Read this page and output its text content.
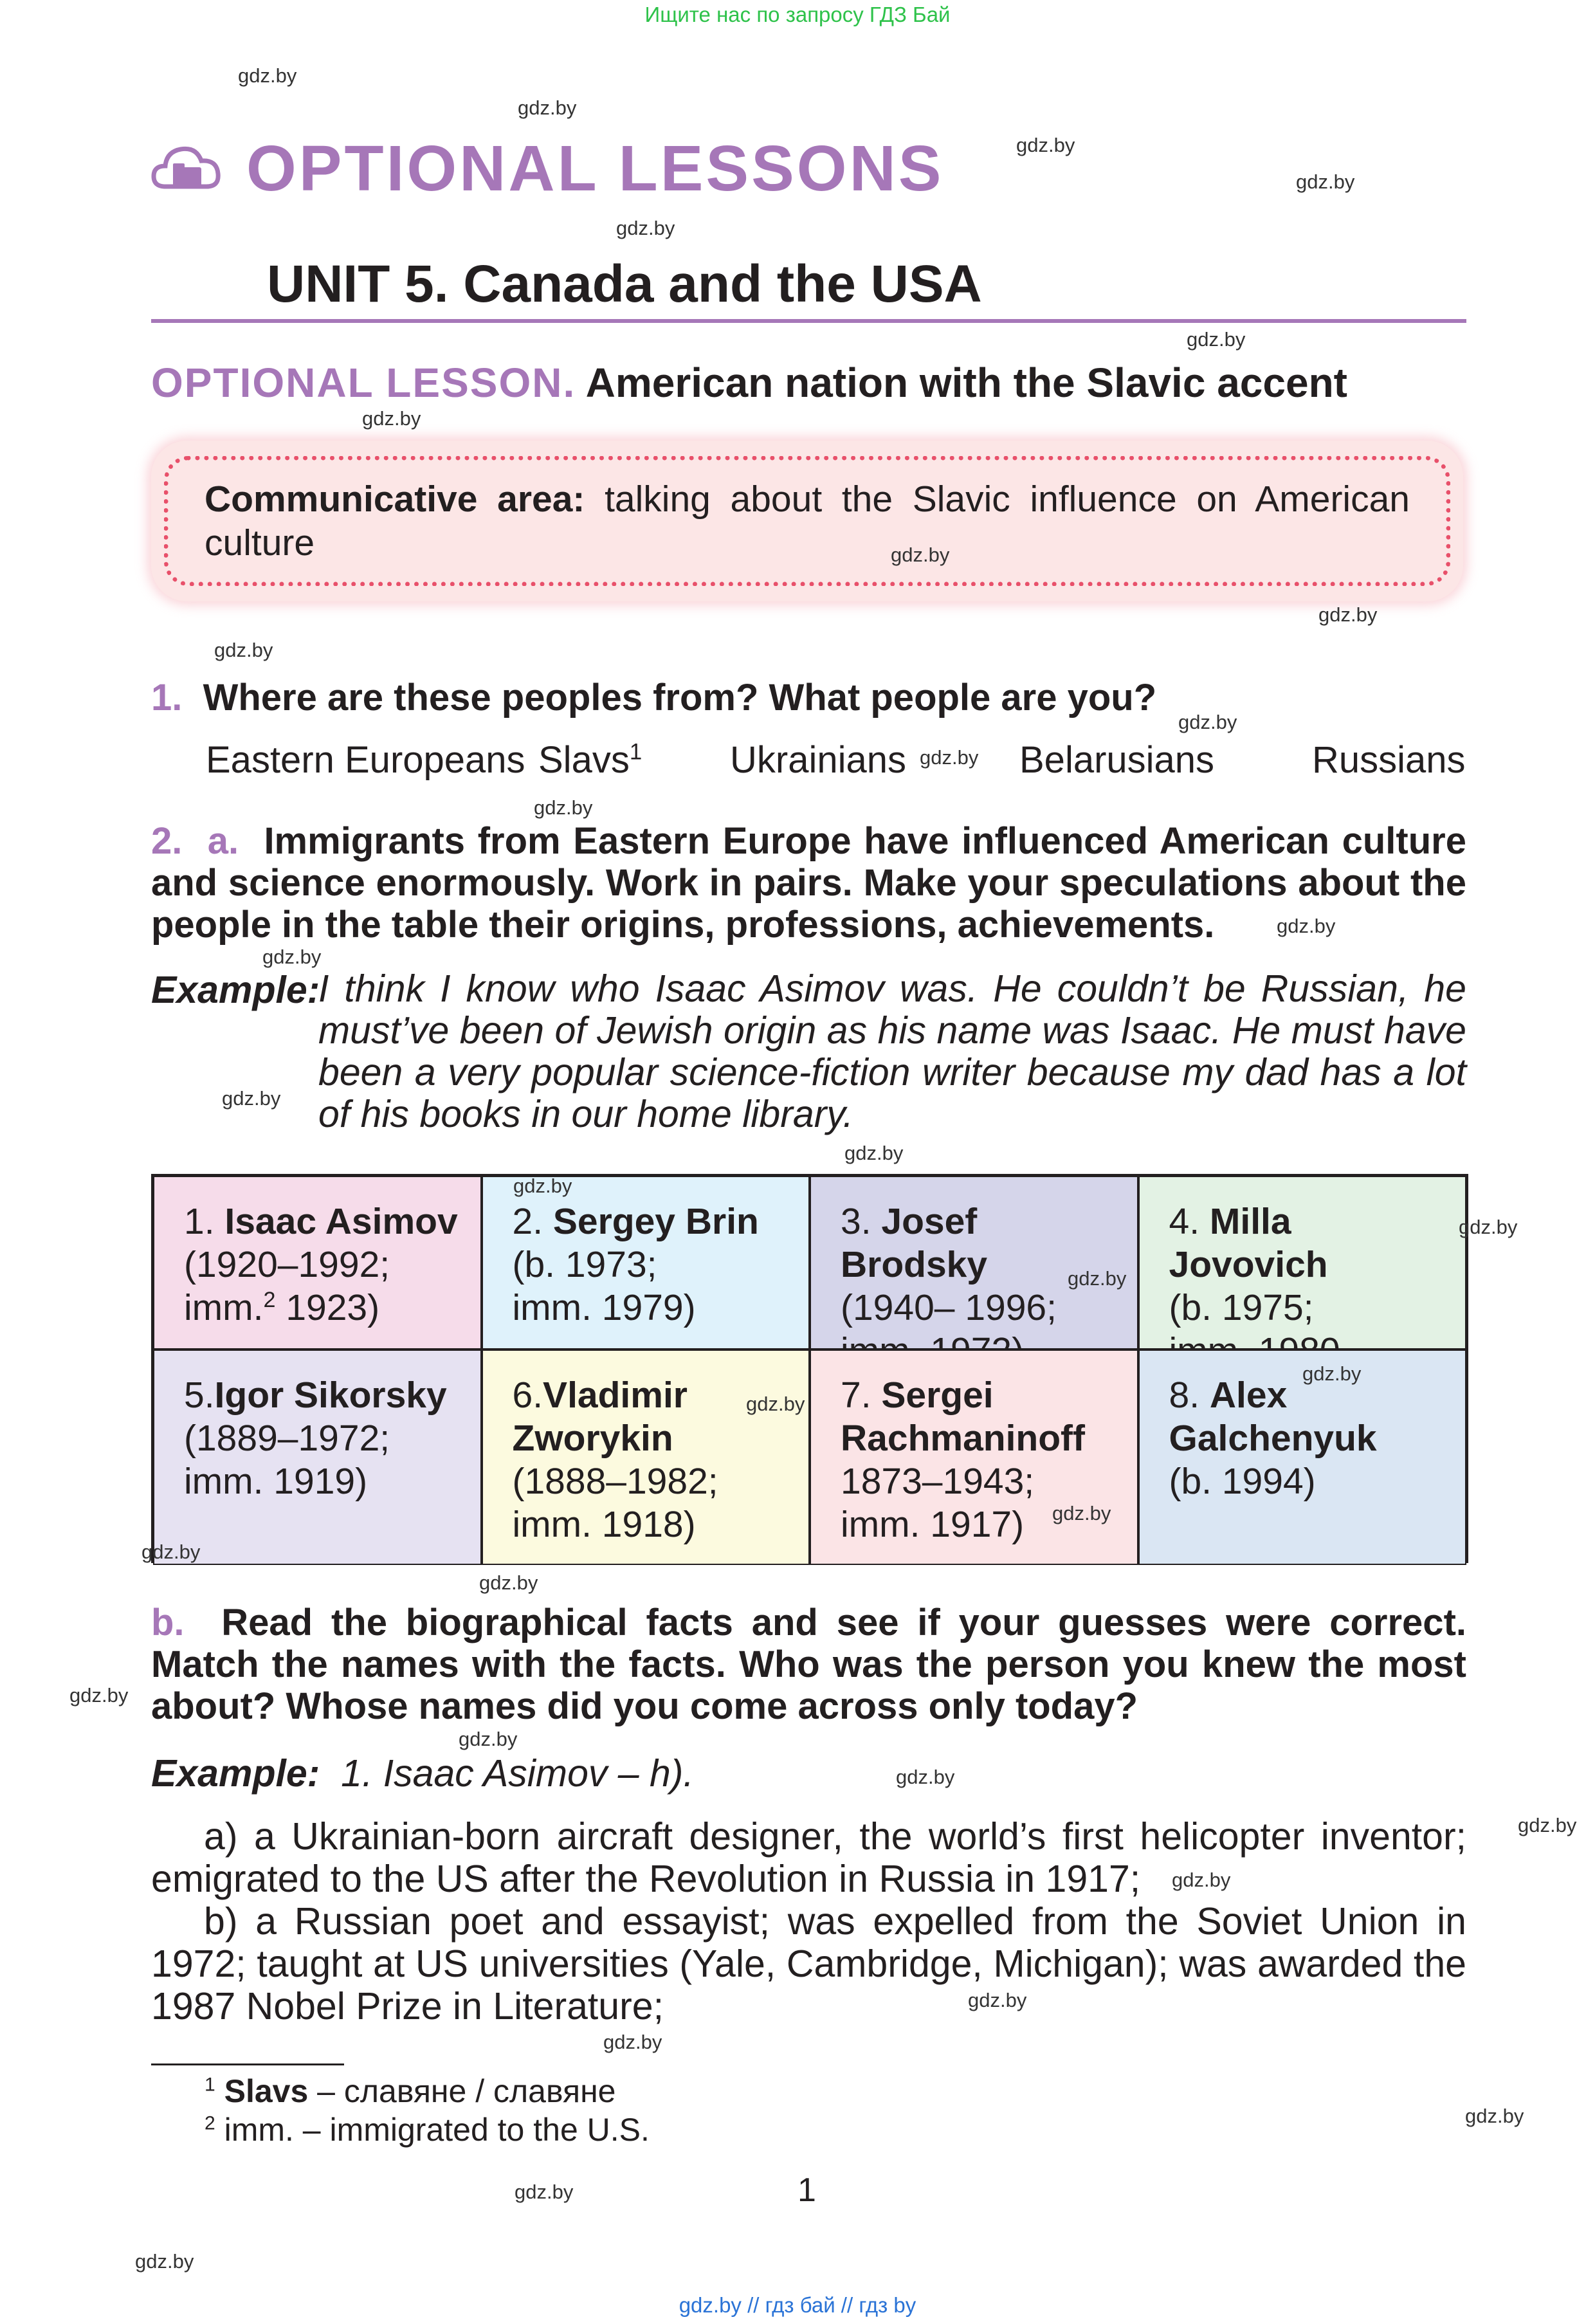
Ищите нас по запросу ГДЗ Бай
OPTIONAL LESSONS
UNIT 5. Canada and the USA
OPTIONAL LESSON. American nation with the Slavic accent
Communicative area: talking about the Slavic influence on American culture
1. Where are these peoples from? What people are you?
Eastern Europeans Slavs$^1$ Ukrainians	Belarusians	Russians
2. a. Immigrants from Eastern Europe have influenced American culture and science enormously. Work in pairs. Make your speculations about the people in the table their origins, professions, achievements.
Example:
I think I know who Isaac Asimov was. He couldn’t be Russian, he must’ve been of Jewish origin as his name was Isaac. He must have been a very popular science-fiction writer because my dad has a lot of his books in our home library.
1. Isaac Asimov
(1920–1992;
imm.$^2$ 1923)
2. Sergey Brin
(b. 1973;
imm. 1979)
3. Josef Brodsky
(1940– 1996;

4. Milla Jovovich
(b. 1975;

5.Igor Sikorsky
(1889–1972;
imm. 1919)
6.Vladimir
Zworykin
(1888–1982;
imm. 1918)
7. Sergei
Rachmaninoff
1873–1943;
imm. 1917)
8. Alex
Galchenyuk
(b. 1994)
b. Read the biographical facts and see if your guesses were correct. Match the names with the facts. Who was the person you knew the most about? Whose names did you come across only today?
Example: 1. Isaac Asimov – h).
a) a Ukrainian-born aircraft designer, the world’s first helicopter inventor; emigrated to the US after the Revolution in Russia in 1917;
b) a Russian poet and essayist; was expelled from the Soviet Union in 1972; taught at US universities (Yale, Cambridge, Michigan); was awarded the 1987 Nobel Prize in Literature;
$^1$ Slavs – славяне / славяне
$^2$ imm. – immigrated to the U.S.
1
gdz.by // гдз бай // гдз by
gdz.by
gdz.by
gdz.by
gdz.by
gdz.by
gdz.by
gdz.by
gdz.by
gdz.by
gdz.by
gdz.by
gdz.by
gdz.by
gdz.by
gdz.by
gdz.by
gdz.by
gdz.by
gdz.by
gdz.by
gdz.by
gdz.by
gdz.by
gdz.by
gdz.by
gdz.by
gdz.by
gdz.by
gdz.by
gdz.by
gdz.by
gdz.by
gdz.by
gdz.by
gdz.by
